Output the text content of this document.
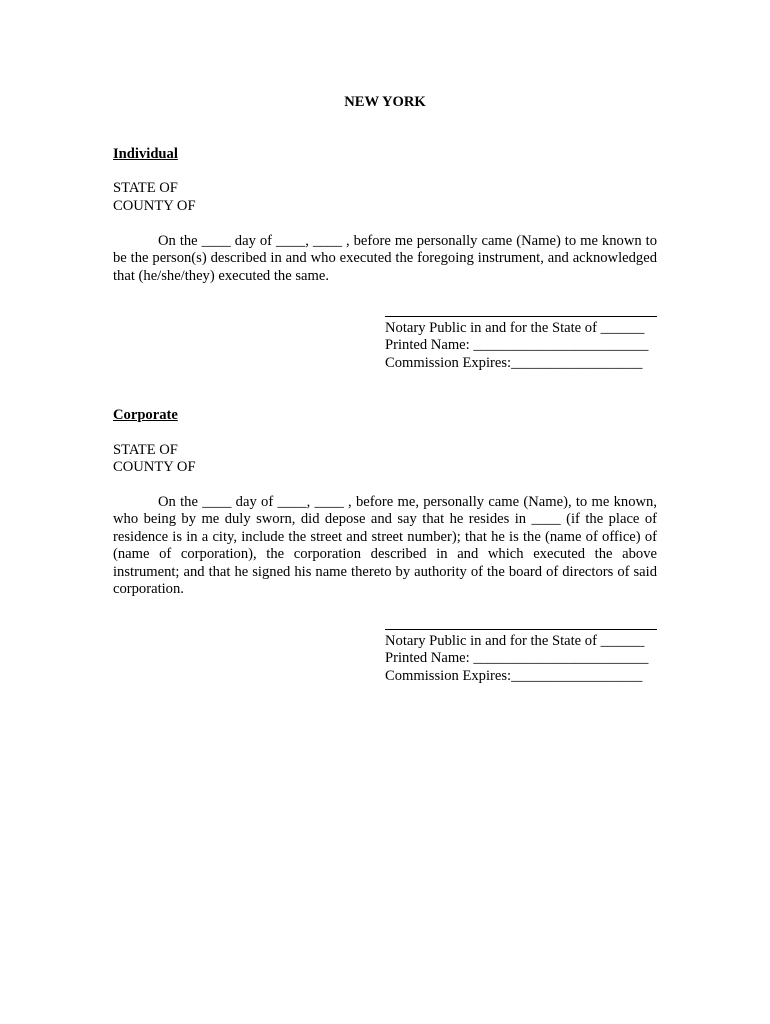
NEW YORK
Individual
STATE OF
COUNTY OF
On the ____ day of ____, ____ , before me personally came (Name) to me known to be the person(s) described in and who executed the foregoing instrument, and acknowledged that (he/she/they) executed the same.
Notary Public in and for the State of ______
Printed Name: ________________________
Commission Expires:__________________
Corporate
STATE OF
COUNTY OF
On the ____ day of ____, ____ , before me, personally came (Name), to me known, who being by me duly sworn, did depose and say that he resides in ____ (if the place of residence is in a city, include the street and street number); that he is the (name of office) of (name of corporation), the corporation described in and which executed the above instrument; and that he signed his name thereto by authority of the board of directors of said corporation.
Notary Public in and for the State of ______
Printed Name: ________________________
Commission Expires:__________________
